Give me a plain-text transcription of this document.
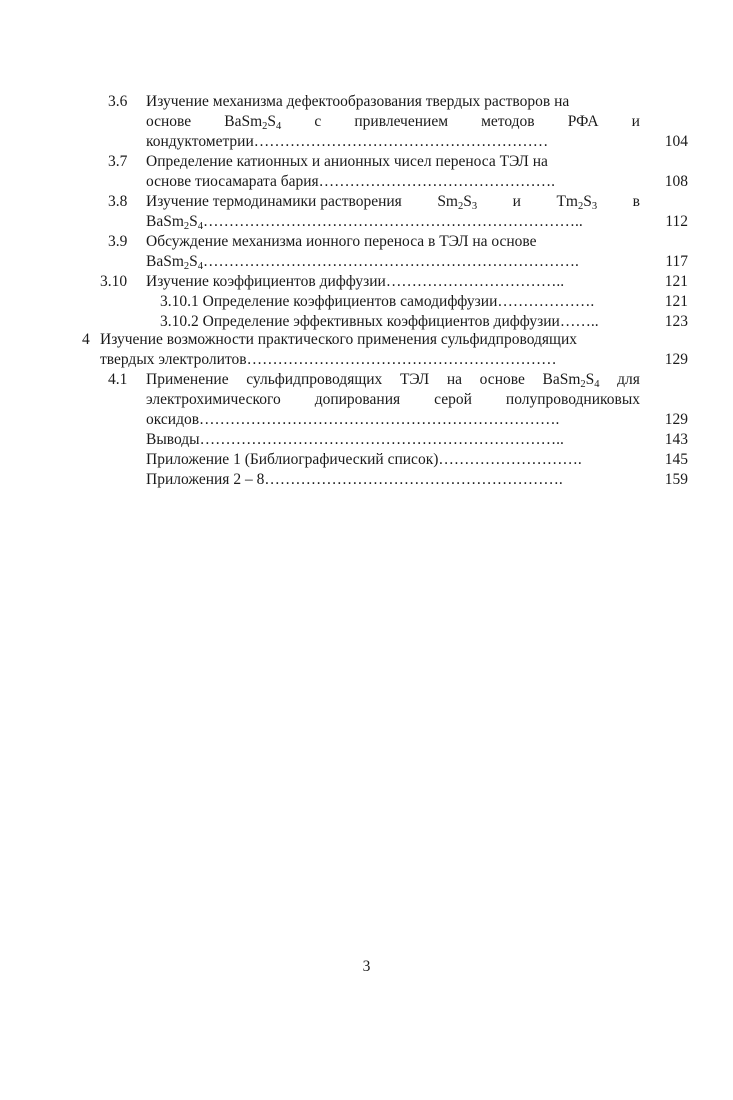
3.6 Изучение механизма дефектообразования твердых растворов на
основе $BaSm_2S_4$ с привлечением методов РФА и
кондуктометрии…………………………………………………	104
3.7 Определение катионных и анионных чисел переноса ТЭЛ на
основе тиосамарата бария……………………………………….	108
3.8 Изучение термодинамики растворения $Sm_2S_3$ и $Tm_2S_3$ в
$BaSm_2S_4\dots\dots\dots\dots\dots\dots\dots\dots\dots\dots\dots\dots\dots\dots\dots\dots\dots\dots\dots\dots\dots\dots\dots\dots$..	112
3.9 Обсуждение механизма ионного переноса в ТЭЛ на основе
$BaSm_2S_4\dots\dots\dots\dots\dots\dots\dots\dots\dots\dots\dots\dots\dots\dots\dots\dots\dots\dots\dots\dots\dots\dots\dots\dots$.	117
3.10 Изучение коэффициентов диффузии……………………………..	121
3.10.1 Определение коэффициентов самодиффузии……………….	121
3.10.2 Определение эффективных коэффициентов диффузии……..	123
4 Изучение возможности практического применения сульфидпроводящих
твердых электролитов……………………………………………………	129
4.1 Применение сульфидпроводящих ТЭЛ на основе $BaSm_2S_4$ для
электрохимического допирования серой полупроводниковых
оксидов…………………………………………………………….	129
Выводы……………………………………………………………..	143
Приложение 1 (Библиографический список)……………………….	145
Приложения 2 – 8………………………………………………….	159
3
